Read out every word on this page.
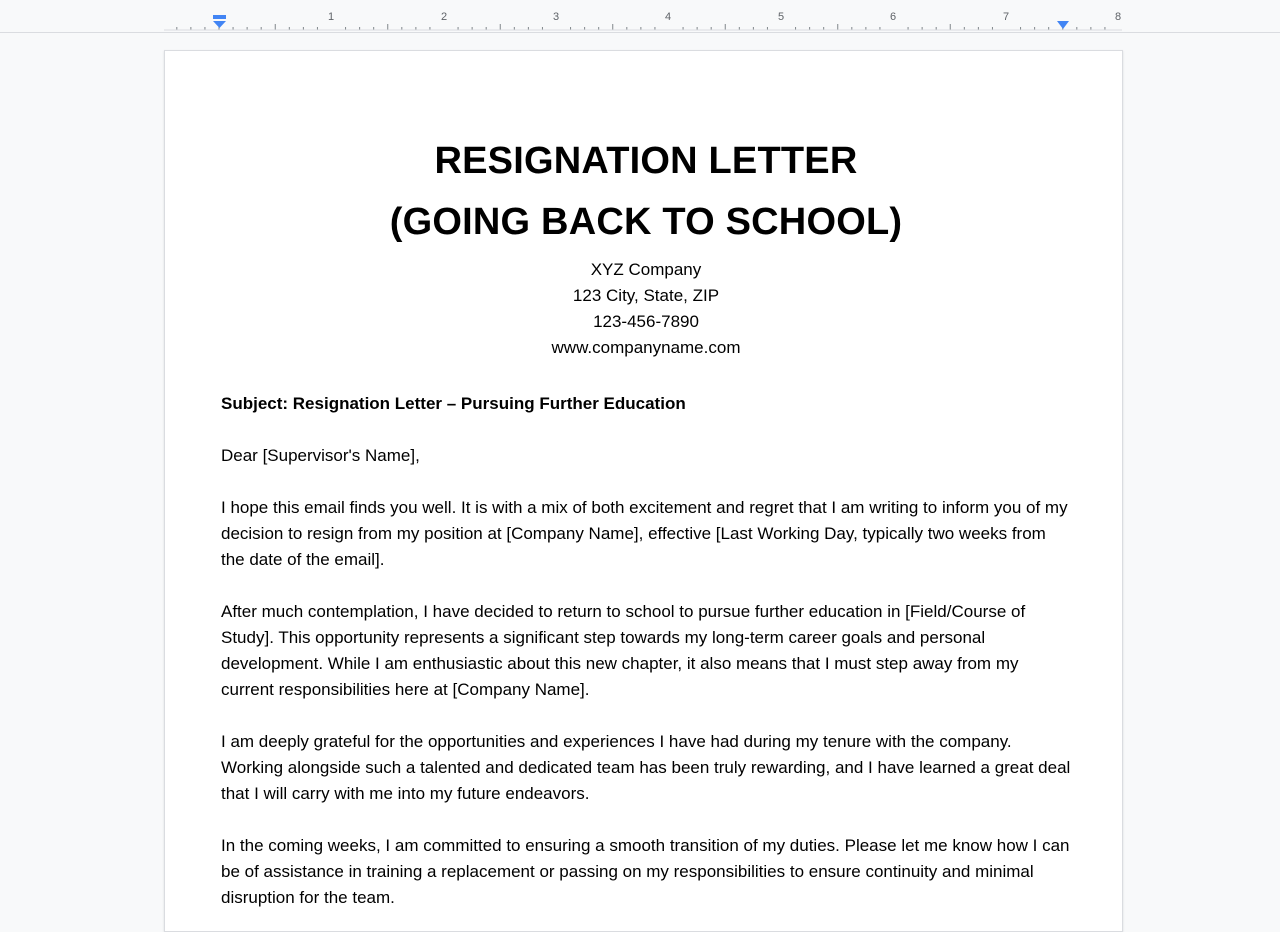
1	2	3	4	5	6	7	8
RESIGNATION LETTER
(GOING BACK TO SCHOOL)
XYZ Company
123 City, State, ZIP
123-456-7890
www.companyname.com
Subject: Resignation Letter – Pursuing Further Education
Dear [Supervisor's Name],
I hope this email finds you well. It is with a mix of both excitement and regret that I am writing to inform you of my decision to resign from my position at [Company Name], effective [Last Working Day, typically two weeks from the date of the email].
After much contemplation, I have decided to return to school to pursue further education in [Field/Course of Study]. This opportunity represents a significant step towards my long-term career goals and personal development. While I am enthusiastic about this new chapter, it also means that I must step away from my current responsibilities here at [Company Name].
I am deeply grateful for the opportunities and experiences I have had during my tenure with the company. Working alongside such a talented and dedicated team has been truly rewarding, and I have learned a great deal that I will carry with me into my future endeavors.
In the coming weeks, I am committed to ensuring a smooth transition of my duties. Please let me know how I can be of assistance in training a replacement or passing on my responsibilities to ensure continuity and minimal disruption for the team.
